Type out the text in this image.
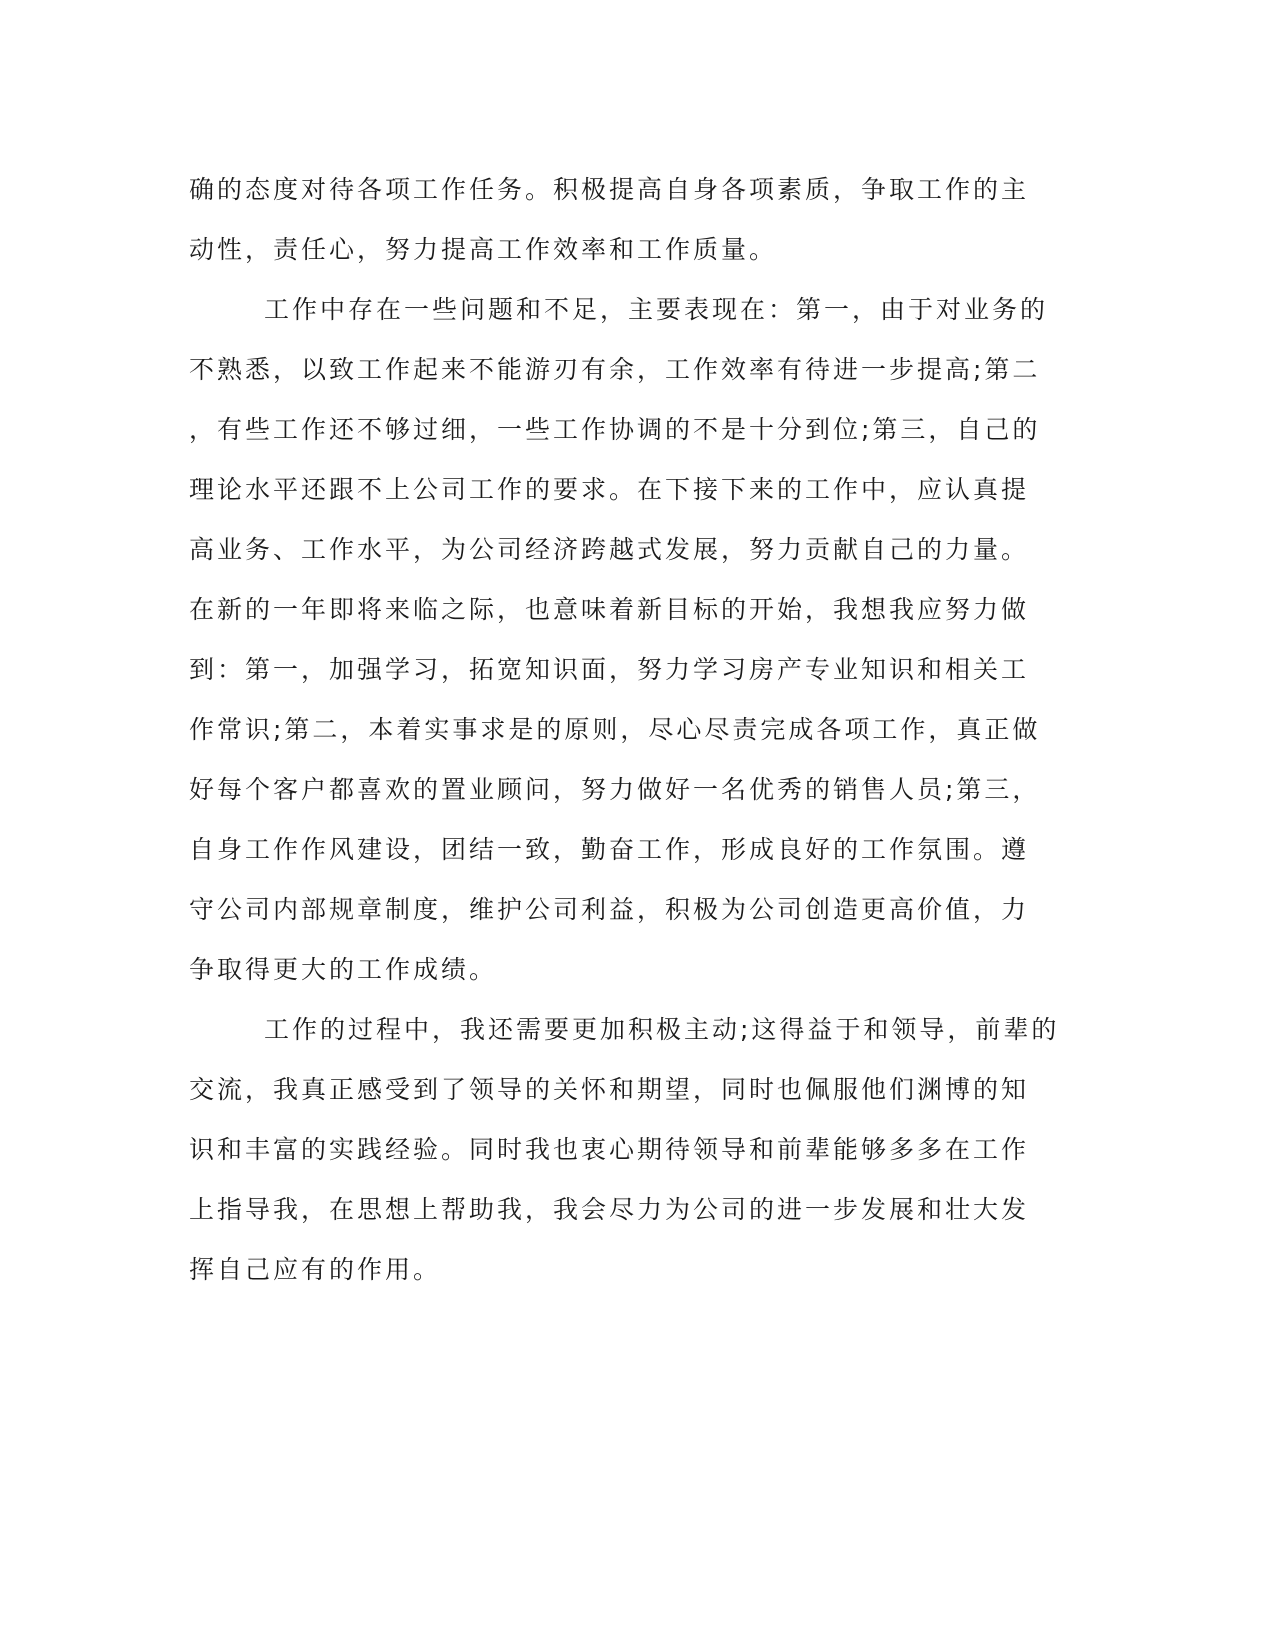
确的态度对待各项工作任务。积极提高自身各项素质，争取工作的主
动性，责任心，努力提高工作效率和工作质量。
工作中存在一些问题和不足，主要表现在：第一，由于对业务的
不熟悉，以致工作起来不能游刃有余，工作效率有待进一步提高;第二
，有些工作还不够过细，一些工作协调的不是十分到位;第三，自己的
理论水平还跟不上公司工作的要求。在下接下来的工作中，应认真提
高业务、工作水平，为公司经济跨越式发展，努力贡献自己的力量。
在新的一年即将来临之际，也意味着新目标的开始，我想我应努力做
到：第一，加强学习，拓宽知识面，努力学习房产专业知识和相关工
作常识;第二，本着实事求是的原则，尽心尽责完成各项工作，真正做
好每个客户都喜欢的置业顾问，努力做好一名优秀的销售人员;第三，
自身工作作风建设，团结一致，勤奋工作，形成良好的工作氛围。遵
守公司内部规章制度，维护公司利益，积极为公司创造更高价值，力
争取得更大的工作成绩。
工作的过程中，我还需要更加积极主动;这得益于和领导，前辈的
交流，我真正感受到了领导的关怀和期望，同时也佩服他们渊博的知
识和丰富的实践经验。同时我也衷心期待领导和前辈能够多多在工作
上指导我，在思想上帮助我，我会尽力为公司的进一步发展和壮大发
挥自己应有的作用。
